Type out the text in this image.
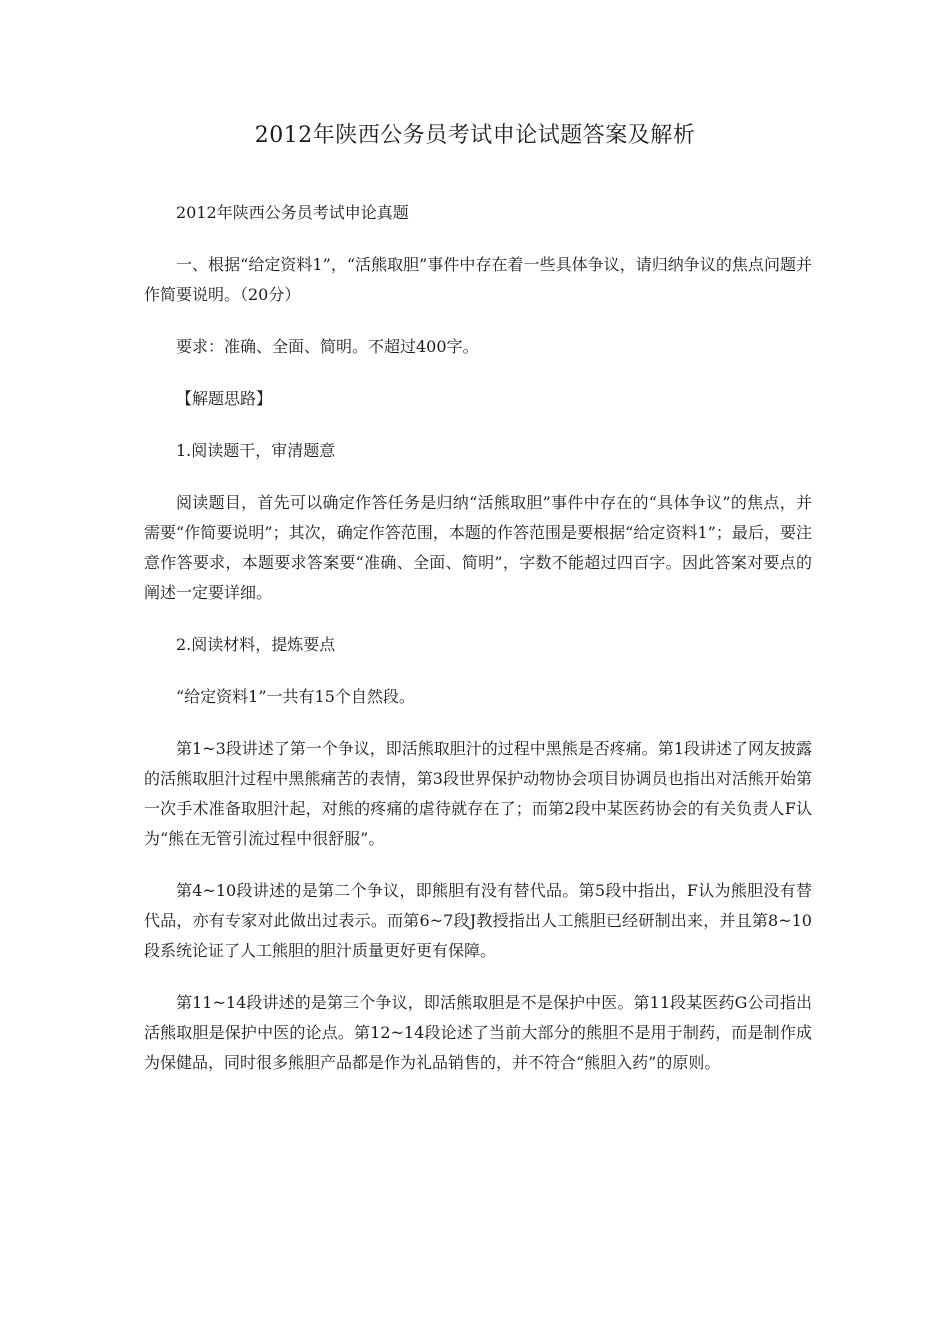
2012年陕西公务员考试申论试题答案及解析

2012年陕西公务员考试申论真题

一、根据“给定资料1”，“活熊取胆”事件中存在着一些具体争议，请归纳争议的焦点问题并作简要说明。（20分）

要求：准确、全面、简明。不超过400字。

【解题思路】

1.阅读题干，审清题意

阅读题目，首先可以确定作答任务是归纳“活熊取胆”事件中存在的“具体争议”的焦点，并需要“作简要说明”；其次，确定作答范围，本题的作答范围是要根据“给定资料1”；最后，要注意作答要求，本题要求答案要“准确、全面、简明”，字数不能超过四百字。因此答案对要点的阐述一定要详细。

2.阅读材料，提炼要点

“给定资料1”一共有15个自然段。

第1~3段讲述了第一个争议，即活熊取胆汁的过程中黑熊是否疼痛。第1段讲述了网友披露的活熊取胆汁过程中黑熊痛苦的表情，第3段世界保护动物协会项目协调员也指出对活熊开始第一次手术准备取胆汁起，对熊的疼痛的虐待就存在了；而第2段中某医药协会的有关负责人F认为“熊在无管引流过程中很舒服”。

第4~10段讲述的是第二个争议，即熊胆有没有替代品。第5段中指出，F认为熊胆没有替代品，亦有专家对此做出过表示。而第6~7段J教授指出人工熊胆已经研制出来，并且第8~10段系统论证了人工熊胆的胆汁质量更好更有保障。

第11~14段讲述的是第三个争议，即活熊取胆是不是保护中医。第11段某医药G公司指出活熊取胆是保护中医的论点。第12~14段论述了当前大部分的熊胆不是用于制药，而是制作成为保健品，同时很多熊胆产品都是作为礼品销售的，并不符合“熊胆入药”的原则。
